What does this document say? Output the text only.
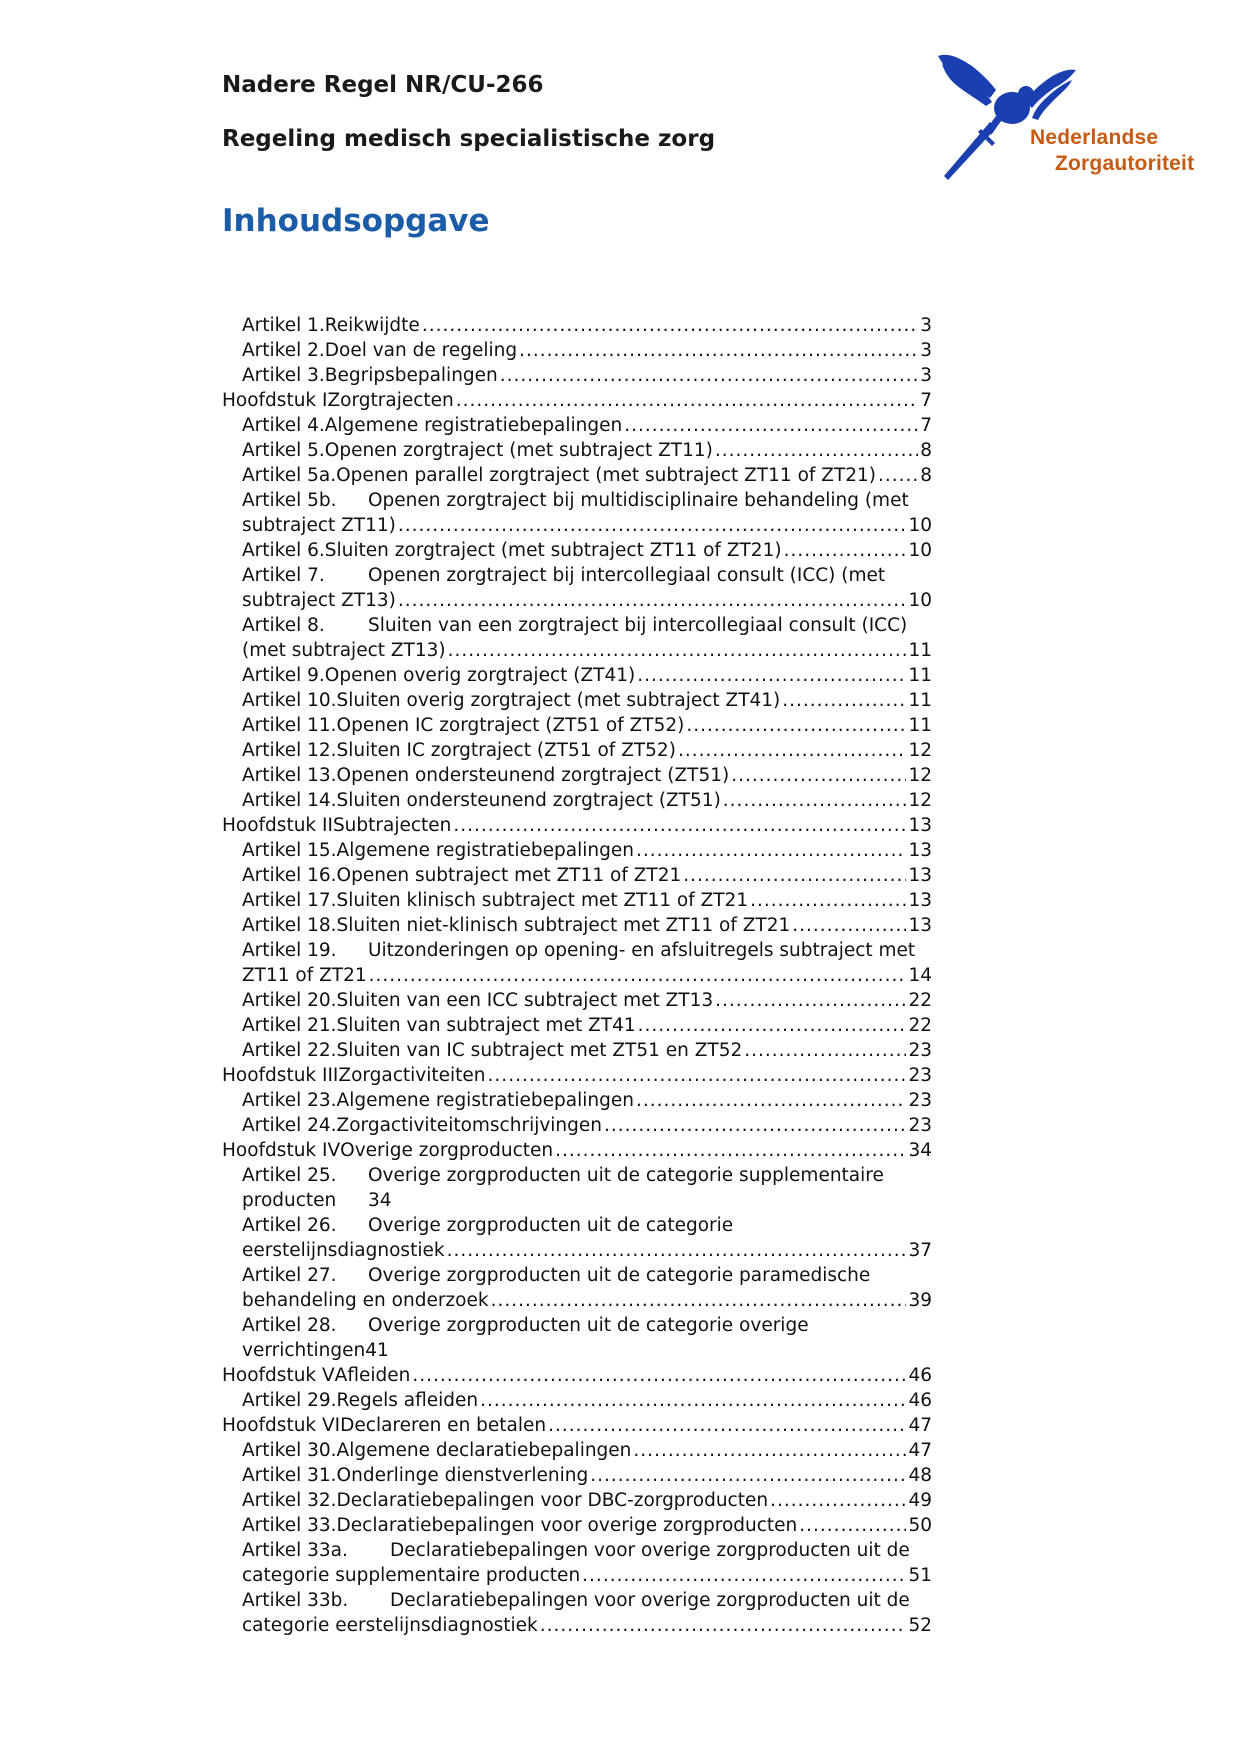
Nadere Regel NR/CU-266
Regeling medisch specialistische zorg	Nederlandse
Zorgautoriteit
Inhoudsopgave
Artikel 1. Reikwijdte .....	3
Artikel 2. Doel van de regeling .....	3
Artikel 3. Begripsbepalingen .....	3
Hoofdstuk I Zorgtrajecten .....	7
Artikel 4. Algemene registratiebepalingen .....	7
Artikel 5. Openen zorgtraject (met subtraject ZT11) .....	8
Artikel 5a. Openen parallel zorgtraject (met subtraject ZT11 of ZT21) ..... 8
Artikel 5b. Openen zorgtraject bij multidisciplinaire behandeling (met
subtraject ZT11) .....	10
Artikel 6. Sluiten zorgtraject (met subtraject ZT11 of ZT21) .....	10
Artikel 7. Openen zorgtraject bij intercollegiaal consult (ICC) (met
subtraject ZT13) .....	10
Artikel 8. Sluiten van een zorgtraject bij intercollegiaal consult (ICC)
(met subtraject ZT13) .....	11
Artikel 9. Openen overig zorgtraject (ZT41) .....	11
Artikel 10. Sluiten overig zorgtraject (met subtraject ZT41) .....	11
Artikel 11. Openen IC zorgtraject (ZT51 of ZT52) .....	11
Artikel 12. Sluiten IC zorgtraject (ZT51 of ZT52) .....	12
Artikel 13. Openen ondersteunend zorgtraject (ZT51) .....	12
Artikel 14. Sluiten ondersteunend zorgtraject (ZT51) .....	12
Hoofdstuk II Subtrajecten .....	13
Artikel 15. Algemene registratiebepalingen .....	13
Artikel 16. Openen subtraject met ZT11 of ZT21 .....	13
Artikel 17. Sluiten klinisch subtraject met ZT11 of ZT21 .....	13
Artikel 18. Sluiten niet-klinisch subtraject met ZT11 of ZT21 .....	13
Artikel 19. Uitzonderingen op opening- en afsluitregels subtraject met
ZT11 of ZT21 .....	14
Artikel 20. Sluiten van een ICC subtraject met ZT13 .....	22
Artikel 21. Sluiten van subtraject met ZT41 .....	22
Artikel 22. Sluiten van IC subtraject met ZT51 en ZT52 .....	23
Hoofdstuk III Zorgactiviteiten .....	23
Artikel 23. Algemene registratiebepalingen .....	23
Artikel 24. Zorgactiviteitomschrijvingen .....	23
Hoofdstuk IV Overige zorgproducten .....	34
Artikel 25. Overige zorgproducten uit de categorie supplementaire
producten	34
Artikel 26. Overige zorgproducten uit de categorie
eerstelijnsdiagnostiek .....	37
Artikel 27. Overige zorgproducten uit de categorie paramedische
behandeling en onderzoek .....	39
Artikel 28. Overige zorgproducten uit de categorie overige
verrichtingen 41
Hoofdstuk V Afleiden .....	46
Artikel 29. Regels afleiden .....	46
Hoofdstuk VI Declareren en betalen .....	47
Artikel 30. Algemene declaratiebepalingen .....	47
Artikel 31. Onderlinge dienstverlening .....	48
Artikel 32. Declaratiebepalingen voor DBC-zorgproducten .....	49
Artikel 33. Declaratiebepalingen voor overige zorgproducten .....	50
Artikel 33a. Declaratiebepalingen voor overige zorgproducten uit de
categorie supplementaire producten .....	51
Artikel 33b. Declaratiebepalingen voor overige zorgproducten uit de
categorie eerstelijnsdiagnostiek .....	52
